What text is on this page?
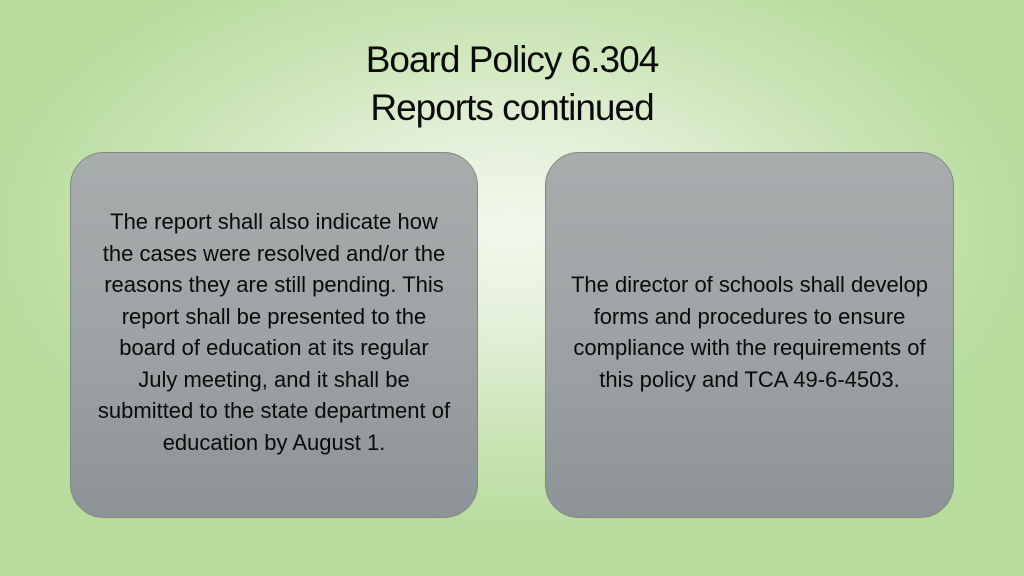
Board Policy 6.304
Reports continued

The report shall also indicate how the cases were resolved and/or the reasons they are still pending. This report shall be presented to the board of education at its regular July meeting, and it shall be submitted to the state department of education by August 1.

The director of schools shall develop forms and procedures to ensure compliance with the requirements of this policy and TCA 49-6-4503.
